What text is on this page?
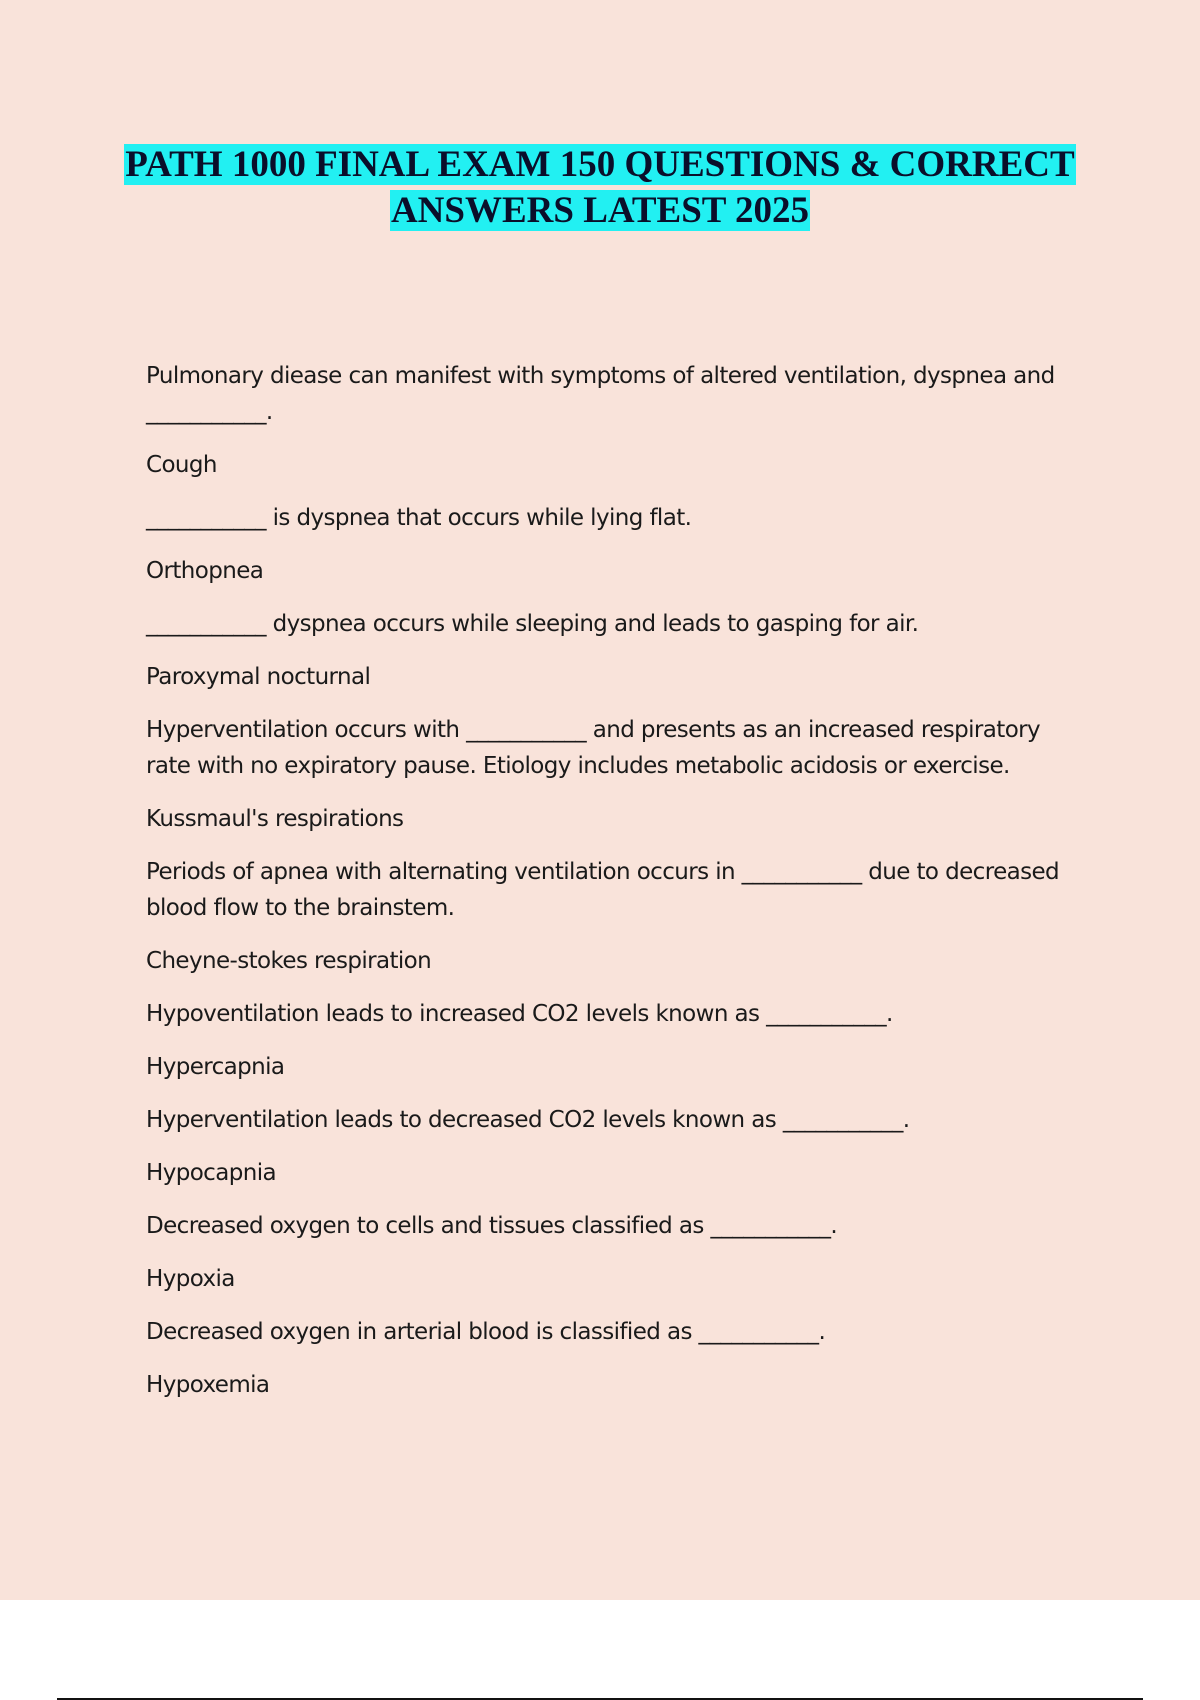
PATH 1000 FINAL EXAM 150 QUESTIONS & CORRECT
ANSWERS LATEST 2025

Pulmonary diease can manifest with symptoms of altered ventilation, dyspnea and ___________.

Cough

___________ is dyspnea that occurs while lying flat.

Orthopnea

___________ dyspnea occurs while sleeping and leads to gasping for air.

Paroxymal nocturnal

Hyperventilation occurs with ___________ and presents as an increased respiratory rate with no expiratory pause. Etiology includes metabolic acidosis or exercise.

Kussmaul's respirations

Periods of apnea with alternating ventilation occurs in ___________ due to decreased blood flow to the brainstem.

Cheyne-stokes respiration

Hypoventilation leads to increased CO2 levels known as ___________.

Hypercapnia

Hyperventilation leads to decreased CO2 levels known as ___________.

Hypocapnia

Decreased oxygen to cells and tissues classified as ___________.

Hypoxia

Decreased oxygen in arterial blood is classified as ___________.

Hypoxemia
